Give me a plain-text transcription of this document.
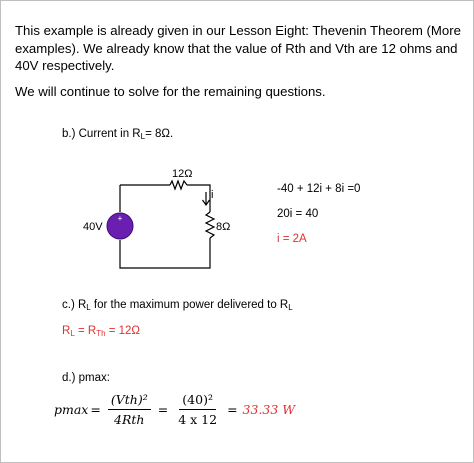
This example is already given in our Lesson Eight: Thevenin Theorem (More examples). We already know that the value of Rth and Vth are 12 ohms and 40V respectively.

We will continue to solve for the remaining questions.

b.) Current in $R_L= 8\Omega$.
+
12Ω
40V	8Ω
i	-40 + 12i + 8i =0
20i = 40
i = 2A
c.) $R_L$ for the maximum power delivered to $R_L$
$R_L = R_{Th} = 12\Omega$
d.) pmax:
$pmax = \frac{\text{(Vth)²}}{\text{4Rth}} = \frac{\text{(40)²}}{4 x 12} = 33.33$ W
